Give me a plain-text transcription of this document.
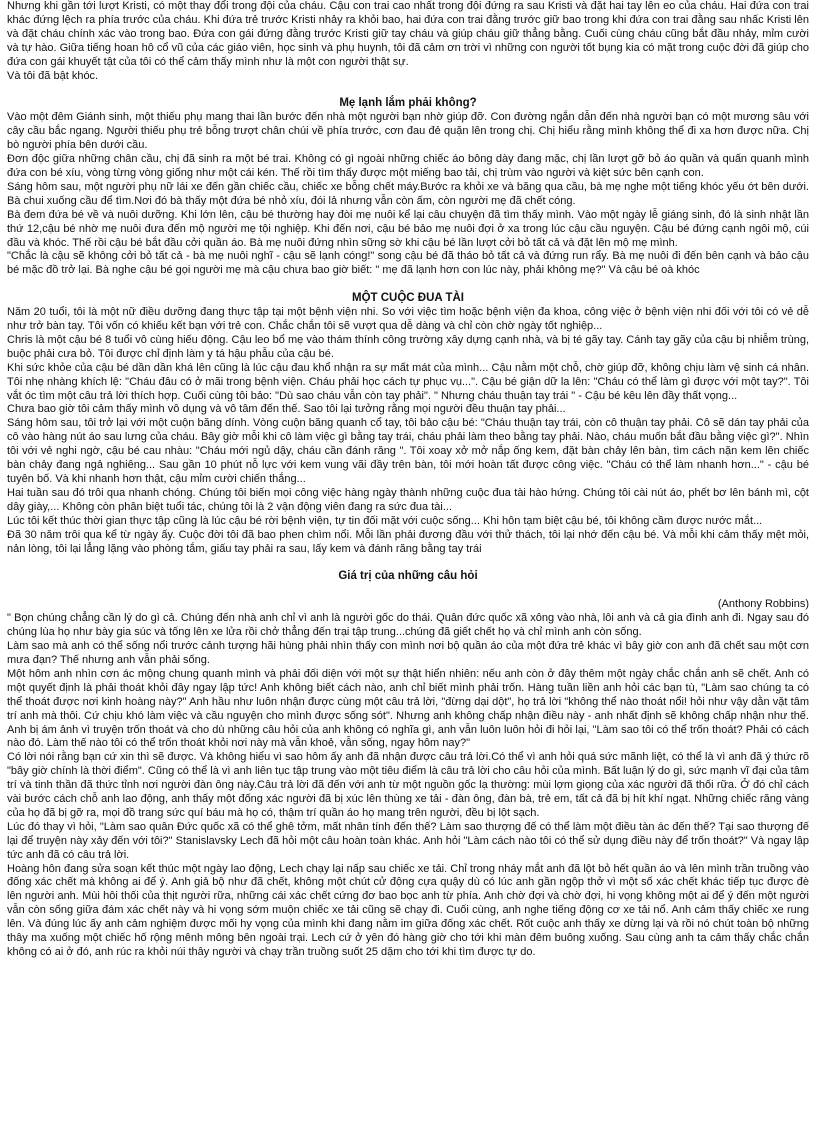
Nhưng khi gần tới lượt Kristi, có một thay đổi trong đội của cháu. Cậu con trai cao nhất trong đội đứng ra sau Kristi và đặt hai tay lên eo của cháu. Hai đứa con trai khác đứng lệch ra phía trước của cháu. Khi đứa trẻ trước Kristi nhảy ra khỏi bao, hai đứa con trai đằng trước giữ bao trong khi đứa con trai đằng sau nhấc Kristi lên và đặt cháu chính xác vào trong bao. Đứa con gái đứng đằng trước Kristi giữ tay cháu và giúp cháu giữ thẳng bằng. Cuối cùng cháu cũng bắt đầu nhảy, mỉm cười và tự hào. Giữa tiếng hoan hô cổ vũ của các giáo viên, học sinh và phụ huynh, tôi đã cảm ơn trời vì những con người tốt bụng kia có mặt trong cuộc đời đã giúp cho đứa con gái khuyết tật của tôi có thể cảm thấy mình như là một con người thật sự.

Và tôi đã bật khóc.

Mẹ lạnh lắm phải không?

Vào một đêm Giánh sinh, một thiếu phụ mang thai lần bước đến nhà một người bạn nhờ giúp đỡ. Con đường ngắn dẫn đến nhà người bạn có một mương sâu với cây cầu bắc ngang. Người thiếu phụ trẻ bỗng trượt chân chúi về phía trước, cơn đau đẻ quặn lên trong chị. Chị hiểu rằng mình không thể đi xa hơn được nữa. Chị bò người phía bên dưới cầu.

Đơn độc giữa những chân cầu, chị đã sinh ra một bé trai. Không có gì ngoài những chiếc áo bông dày đang mặc, chị lần lượt gỡ bỏ áo quần và quấn quanh mình đứa con bé xíu, vòng từng vòng giống như một cái kén. Thế rồi tìm thấy được một miếng bao tải, chị trùm vào người và kiệt sức bên cạnh con.

Sáng hôm sau, một người phụ nữ lái xe đến gần chiếc cầu, chiếc xe bỗng chết máy.Bước ra khỏi xe và băng qua cầu, bà mẹ nghe một tiếng khóc yếu ớt bên dưới. Bà chui xuống cầu để tìm.Nơi đó bà thấy một đứa bé nhỏ xíu, đói lả nhưng vẫn còn ấm, còn người mẹ đã chết cóng.

Bà đem đứa bé về và nuôi dưỡng. Khi lớn lên, cậu bé thường hay đòi mẹ nuôi kể lại câu chuyện đã tìm thấy mình. Vào một ngày lễ giáng sinh, đó là sinh nhật lần thứ 12,cậu bé nhờ mẹ nuôi đưa đến mộ người mẹ tội nghiệp. Khi đến nơi, cậu bé bảo mẹ nuôi đợi ở xa trong lúc cậu cầu nguyện. Cậu bé đứng cạnh ngôi mộ, cúi đầu và khóc. Thế rồi cậu bé bắt đầu cởi quần áo. Bà mẹ nuôi đứng nhìn sững sờ khi cậu bé lần lượt cởi bỏ tất cả và đặt lên mộ mẹ mình.

"Chắc là cậu sẽ không cởi bỏ tất cả - bà mẹ nuôi nghĩ - cậu sẽ lạnh cóng!" song cậu bé đã tháo bỏ tất cả và đứng run rẩy. Bà mẹ nuôi đi đến bên cạnh và bảo cậu bé mặc đồ trở lại. Bà nghe cậu bé gọi người mẹ mà cậu chưa bao giờ biết: " mẹ đã lạnh hơn con lúc này, phải không mẹ?" Và cậu bé oà khóc

MỘT CUỘC ĐUA TÀI

Năm 20 tuổi, tôi là một nữ điều dưỡng đang thực tập tại một bệnh viện nhi. So với việc tìm hoặc bệnh viện đa khoa, công việc ở bệnh viện nhi đối với tôi có vẻ dễ như trở bàn tay. Tôi vốn có khiếu kết bạn với trẻ con. Chắc chắn tôi sẽ vượt qua dễ dàng và chỉ còn chờ ngày tốt nghiệp...

Chris là một cậu bé 8 tuổi vô cùng hiếu động. Cậu leo bổ mẹ vào thám thính công trường xây dựng cạnh nhà, và bị té gãy tay. Cánh tay gãy của cậu bị nhiễm trùng, buộc phải cưa bỏ. Tôi được chỉ định làm y tá hậu phẫu của cậu bé.

Khi sức khỏe của cậu bé dần dần khá lên cũng là lúc cậu đau khổ nhận ra sự mất mát của mình... Cậu nằm một chỗ, chờ giúp đỡ, không chịu làm vệ sinh cá nhân. Tôi nhẹ nhàng khích lệ: "Cháu đâu có ở mãi trong bệnh viện. Cháu phải học cách tự phục vụ...". Cậu bé giận dữ la lên: "Cháu có thể làm gì được với một tay?". Tôi vắt óc tìm một câu trả lời thích hợp. Cuối cùng tôi bảo: "Dù sao cháu vẫn còn tay phải". " Nhưng cháu thuận tay trái " - Cậu bé kêu lên đầy thất vọng...

Chưa bao giờ tôi cảm thấy mình vô dụng và vô tâm đến thế. Sao tôi lại tưởng rằng mọi người đều thuận tay phải...

Sáng hôm sau, tôi trở lại với một cuộn băng dính. Vòng cuộn băng quanh cổ tay, tôi bảo cậu bé: "Cháu thuận tay trái, còn cô thuận tay phải. Cô sẽ dán tay phải của cô vào hàng nút áo sau lưng của cháu. Bây giờ mỗi khi cô làm việc gì bằng tay trái, cháu phải làm theo bằng tay phải. Nào, cháu muốn bắt đầu bằng việc gì?". Nhìn tôi với vẻ nghi ngờ, cậu bé cau nhàu: "Cháu mới ngủ dậy, cháu cần đánh răng ". Tôi xoay xở mở nắp ống kem, đặt bàn chảy lên bàn, tìm cách nặn kem lên chiếc bàn chảy đang ngả nghiêng... Sau gần 10 phút nỗ lực với kem vung vãi đầy trên bàn, tôi mới hoàn tất được công việc. "Cháu có thể làm nhanh hơn..." - cậu bé tuyên bố. Và khi nhanh hơn thật, cậu mỉm cười chiến thắng...

Hai tuần sau đó trôi qua nhanh chóng. Chúng tôi biến mọi công việc hàng ngày thành những cuộc đua tài hào hứng. Chúng tôi cài nút áo, phết bơ lên bánh mì, cột dây giày,... Không còn phân biệt tuổi tác, chúng tôi là 2 vận động viên đang ra sức đua tài...

Lúc tôi kết thúc thời gian thực tập cũng là lúc cậu bé rời bệnh viện, tự tin đối mặt với cuộc sống... Khi hôn tạm biệt cậu bé, tôi không cầm được nước mắt...

Đã 30 năm trôi qua kể từ ngày ấy. Cuộc đời tôi đã bao phen chìm nổi. Mỗi lần phải đương đầu với thử thách, tôi lại nhớ đến cậu bé. Và mỗi khi cảm thấy mệt mỏi, nản lòng, tôi lại lẳng lặng vào phòng tắm, giấu tay phải ra sau, lấy kem và đánh răng bằng tay trái

Giá trị của những câu hỏi

(Anthony Robbins)

" Bọn chúng chẳng cần lý do gì cả. Chúng đến nhà anh chỉ vì anh là người gốc do thái. Quân đức quốc xã xông vào nhà, lôi anh và cả gia đình anh đi. Ngay sau đó chúng lùa họ như bày gia súc và tống lên xe lửa rồi chở thẳng đến trại tập trung...chúng đã giết chết họ và chỉ mình anh còn sống.

Làm sao mà anh có thể sống nổi trước cảnh tượng hãi hùng phải nhìn thấy con mình nơi bộ quần áo của một đứa trẻ khác vì bây giờ con anh đã chết sau một cơn mưa đạn? Thế nhưng anh vẫn phải sống.

Một hôm anh nhìn cơn ác mộng chung quanh mình và phải đối diện với một sự thật hiển nhiên: nếu anh còn ở đây thêm một ngày chắc chắn anh sẽ chết. Anh có một quyết định là phải thoát khỏi đây ngay lập tức! Anh không biết cách nào, anh chỉ biết mình phải trốn. Hàng tuần liền anh hỏi các bạn tù, "Làm sao chúng ta có thể thoát được nơi kinh hoàng này?" Anh hầu như luôn nhận được cùng một câu trả lời, "đừng dại dột", họ trả lời "không thể nào thoát nổi! hỏi như vậy dằn vặt tâm trí anh mà thôi. Cứ chịu khó làm việc và cầu nguyện cho mình được sống sót". Nhưng anh không chấp nhận điều này - anh nhất định sẽ không chấp nhận như thế. Anh bị ám ảnh vì truyện trốn thoát và cho dù những câu hỏi của anh không có nghĩa gì, anh vẫn luôn luôn hỏi đi hỏi lại, "Làm sao tôi có thể trốn thoát? Phải có cách nào đó. Làm thế nào tôi có thể trốn thoát khỏi nơi này mà vẫn khoẻ, vẫn sống, ngay hôm nay?"

Có lời nói rằng bạn cứ xin thì sẽ được. Và không hiểu vì sao hôm ấy anh đã nhận được câu trả lời.Có thể vì anh hỏi quá sức mãnh liệt, có thể là vì anh đã ý thức rõ "bây giờ chính là thời điểm". Cũng có thể là vì anh liên tục tập trung vào một tiêu điểm là câu trả lời cho câu hỏi của mình. Bất luận lý do gì, sức mạnh vĩ đại của tâm trí và tinh thần đã thức tỉnh nơi người đàn ông này.Câu trả lời đã đến với anh từ một nguồn gốc lạ thường: mùi lợm giọng của xác người đã thối rữa. Ở đó chỉ cách vài bước cách chỗ anh lao động, anh thấy một đống xác người đã bị xúc lên thùng xe tải - đàn ông, đàn bà, trẻ em, tất cả đã bị hít khí ngạt. Những chiếc răng vàng của họ đã bị gỡ ra, mọi đồ trang sức quí báu mà họ có, thậm trí quần áo họ mang trên người, đều bị lột sạch.

Lúc đó thay vì hỏi, "Làm sao quân Đức quốc xã có thể ghê tởm, mất nhân tính đến thế? Làm sao thượng đế có thể làm một điều tàn ác đến thế? Tại sao thượng đế lại để truyện này xảy đến với tôi?" Stanislavsky Lech đã hỏi một câu hoàn toàn khác. Anh hỏi "Làm cách nào tôi có thể sử dụng điều này để trốn thoát?" Và ngay lập tức anh đã có câu trả lời.

Hoàng hôn đang sửa soạn kết thúc một ngày lao động, Lech chạy lại nấp sau chiếc xe tải. Chỉ trong nháy mắt anh đã lột bỏ hết quần áo và lên mình trần truồng vào đống xác chết mà không ai để ý. Anh giả bộ như đã chết, không một chút cử động cựa quậy dù có lúc anh gần ngộp thở vì một số xác chết khác tiếp tục được đè lên người anh. Mùi hôi thối của thịt người rữa, những cái xác chết cứng đơ bao bọc anh từ phía. Anh chờ đợi và chờ đợi, hi vọng không một ai để ý đến một người vẫn còn sống giữa đám xác chết này và hi vọng sớm muộn chiếc xe tải cũng sẽ chạy đi. Cuối cùng, anh nghe tiếng động cơ xe tải nổ. Anh cảm thấy chiếc xe rung lên. Và đúng lúc ấy anh cảm nghiệm được mối hy vọng của mình khi đang nằm im giữa đống xác chết. Rốt cuộc anh thấy xe dừng lại và rồi nó chút toàn bộ những thây ma xuống một chiếc hố rộng mênh mông bên ngoài trại. Lech cứ ở yên đó hàng giờ cho tới khi màn đêm buông xuống. Sau cùng anh ta cảm thấy chắc chắn không có ai ở đó, anh rúc ra khỏi núi thây người và chạy trần truồng suốt 25 dặm cho tới khi tìm được tự do.
